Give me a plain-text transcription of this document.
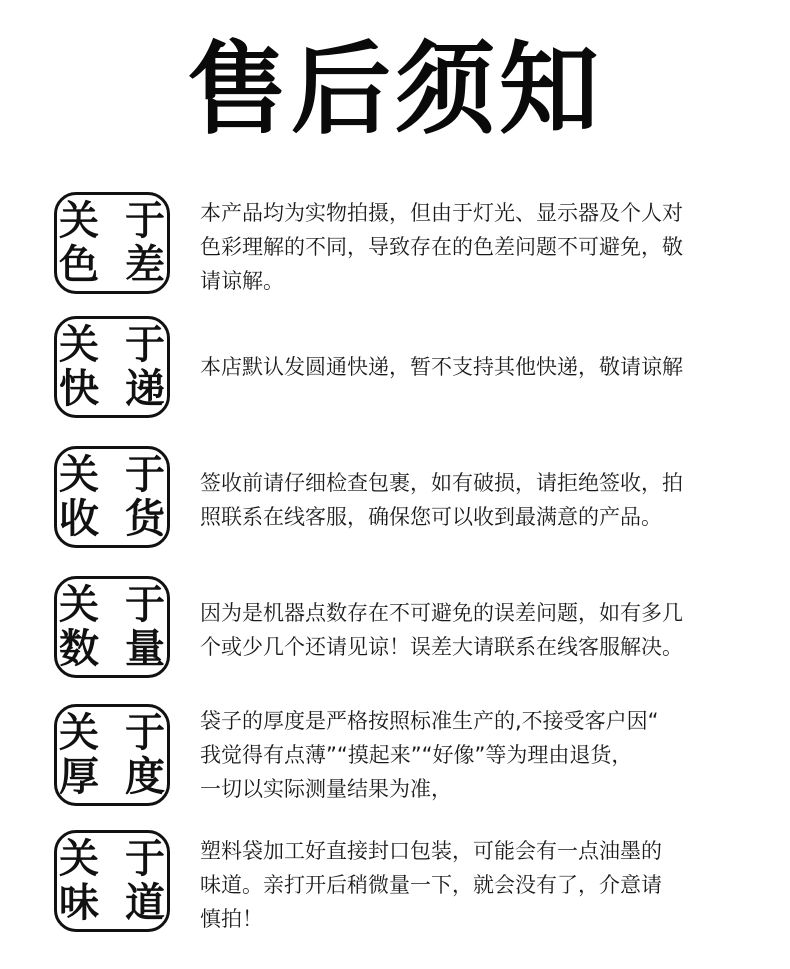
售后须知
关 于
色 差
本产品均为实物拍摄，但由于灯光、显示器及个人对
色彩理解的不同，导致存在的色差问题不可避免，敬
请谅解。
关 于
快 递 本店默认发圆通快递，暂不支持其他快递，敬请谅解
关 于
收 货
签收前请仔细检查包裹，如有破损，请拒绝签收，拍
照联系在线客服，确保您可以收到最满意的产品。
关 于
数 量
因为是机器点数存在不可避免的误差问题，如有多几
个或少几个还请见谅！误差大请联系在线客服解决。
关 于
厚 度
袋子的厚度是严格按照标准生产的,不接受客户因“
我觉得有点薄”“摸起来”“好像”等为理由退货，
一切以实际测量结果为准，
关 于
味 道
塑料袋加工好直接封口包装，可能会有一点油墨的
味道。亲打开后稍微量一下，就会没有了，介意请
慎拍！
